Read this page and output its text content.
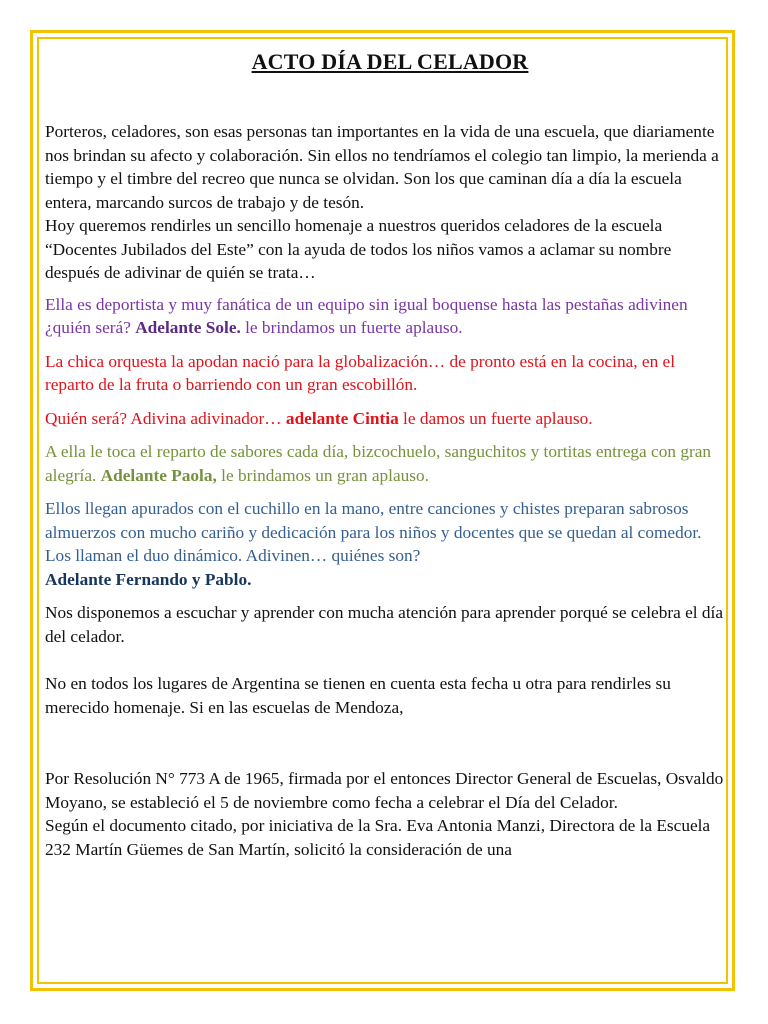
ACTO DÍA DEL CELADOR

Porteros, celadores, son esas personas tan importantes en la vida de una escuela, que diariamente nos brindan su afecto y colaboración. Sin ellos no tendríamos el colegio tan limpio, la merienda a tiempo y el timbre del recreo que nunca se olvidan. Son los que caminan día a día la escuela entera, marcando surcos de trabajo y de tesón.

Hoy queremos rendirles un sencillo homenaje a nuestros queridos celadores de la escuela “Docentes Jubilados del Este” con la ayuda de todos los niños vamos a aclamar su nombre después de adivinar de quién se trata…

Ella es deportista y muy fanática de un equipo sin igual boquense hasta las pestañas adivinen ¿quién será? Adelante Sole. le brindamos un fuerte aplauso.

La chica orquesta la apodan nació para la globalización… de pronto está en la cocina, en el reparto de la fruta o barriendo con un gran escobillón.

Quién será? Adivina adivinador… adelante Cintia le damos un fuerte aplauso.

A ella le toca el reparto de sabores cada día, bizcochuelo, sanguchitos y tortitas entrega con gran alegría. Adelante Paola, le brindamos un gran aplauso.

Ellos llegan apurados con el cuchillo en la mano, entre canciones y chistes preparan sabrosos almuerzos con mucho cariño y dedicación para los niños y docentes que se quedan al comedor. Los llaman el duo dinámico. Adivinen… quiénes son?
Adelante Fernando y Pablo.

Nos disponemos a escuchar y aprender con mucha atención para aprender porqué se celebra el día del celador.

No en todos los lugares de Argentina se tienen en cuenta esta fecha u otra para rendirles su merecido homenaje. Si en las escuelas de Mendoza,

Por Resolución N° 773 A de 1965, firmada por el entonces Director General de Escuelas, Osvaldo Moyano, se estableció el 5 de noviembre como fecha a celebrar el Día del Celador.

Según el documento citado, por iniciativa de la Sra. Eva Antonia Manzi, Directora de la Escuela 232 Martín Güemes de San Martín, solicitó la consideración de una
